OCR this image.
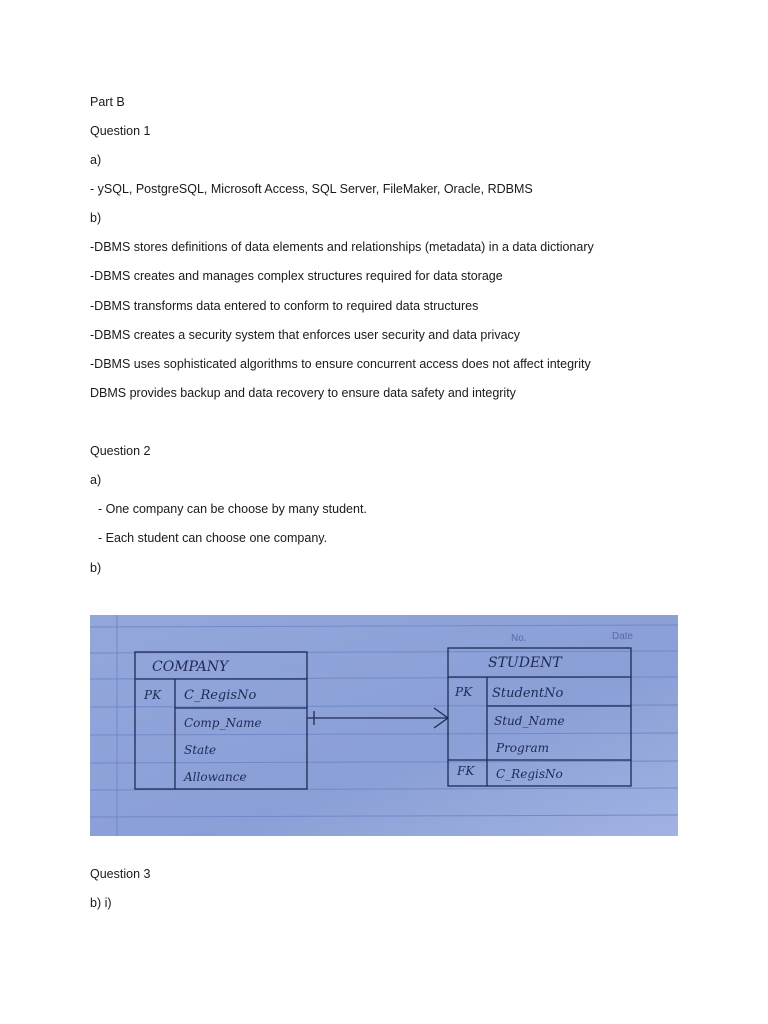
Part B
Question 1
a)
- ySQL, PostgreSQL, Microsoft Access, SQL Server, FileMaker, Oracle, RDBMS
b)
-DBMS stores definitions of data elements and relationships (metadata) in a data dictionary
-DBMS creates and manages complex structures required for data storage
-DBMS transforms data entered to conform to required data structures
-DBMS creates a security system that enforces user security and data privacy
-DBMS uses sophisticated algorithms to ensure concurrent access does not affect integrity
DBMS provides backup and data recovery to ensure data safety and integrity
Question 2
a)
- One company can be choose by many student.
- Each student can choose one company.
b)
No.	Date
COMPANY
PK C_RegisNo
Comp_Name
State
Allowance
STUDENT
PK
FK
StudentNo
Stud_Name
Program
C_RegisNo
Question 3
b) i)
